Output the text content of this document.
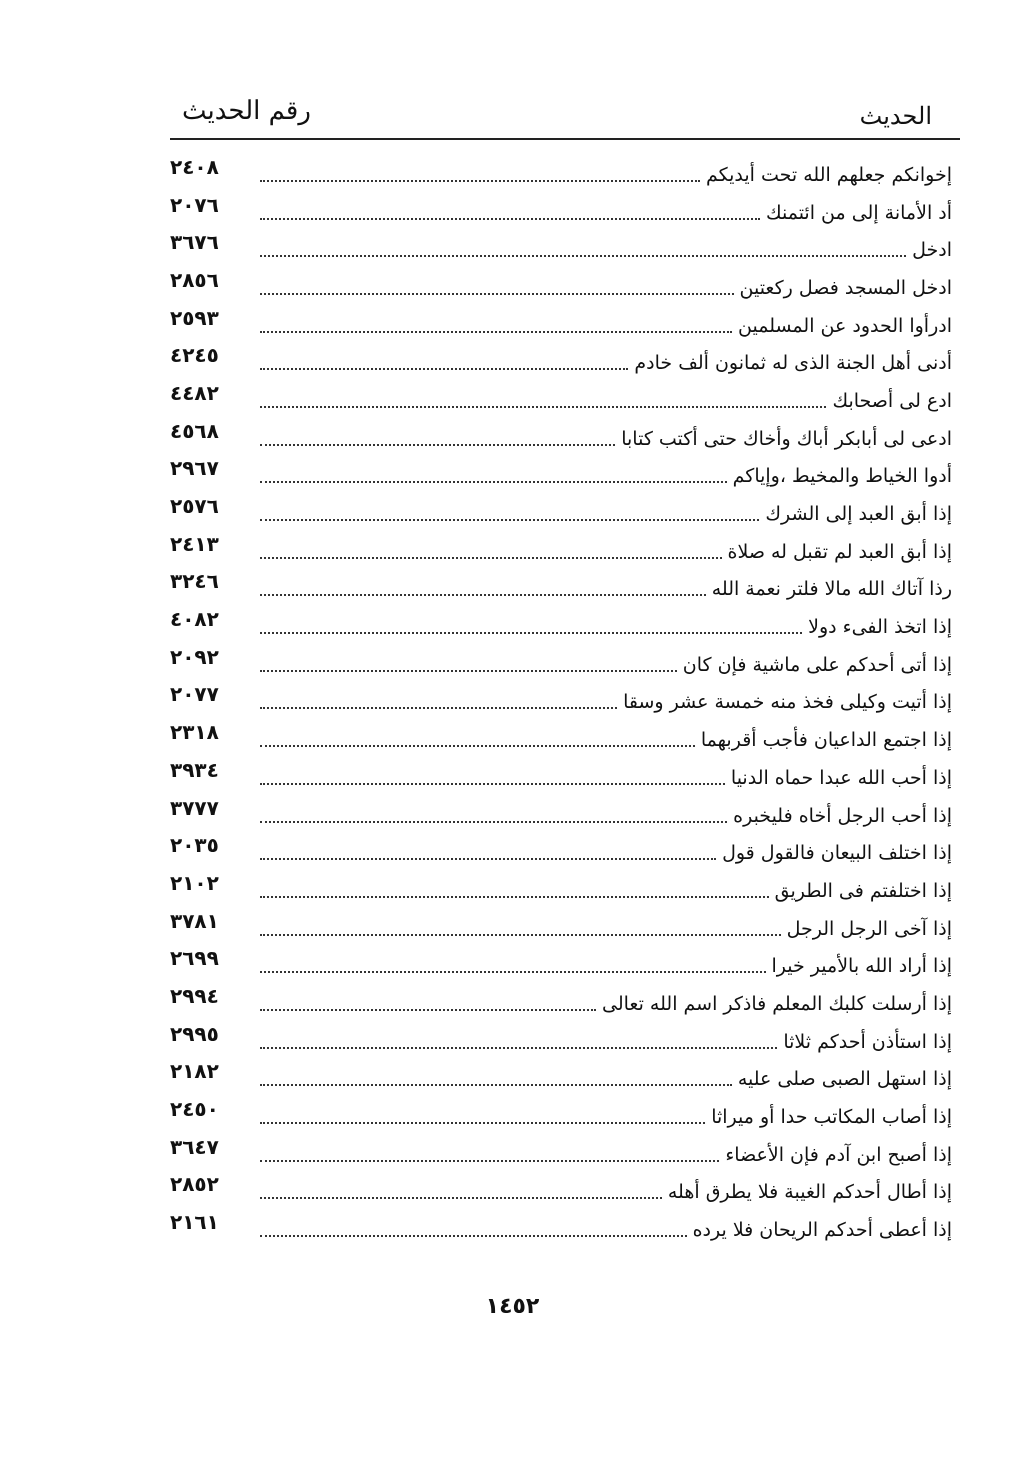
الحديث
رقم الحديث
إخوانكم جعلهم الله تحت أيديكم
٢٤٠٨
أد الأمانة إلى من ائتمنك
٢٠٧٦
ادخل
٣٦٧٦
ادخل المسجد فصل ركعتين
٢٨٥٦
ادرأوا الحدود عن المسلمين
٢٥٩٣
أدنى أهل الجنة الذى له ثمانون ألف خادم
٤٢٤٥
ادع لى أصحابك
٤٤٨٢
ادعى لى أبابكر أباك وأخاك حتى أكتب كتابا
٤٥٦٨
أدوا الخياط والمخيط ،وإياكم
٢٩٦٧
إذا أبق العبد إلى الشرك
٢٥٧٦
إذا أبق العبد لم تقبل له صلاة
٢٤١٣
رذا آتاك الله مالا فلتر نعمة الله
٣٢٤٦
إذا اتخذ الفىء دولا
٤٠٨٢
إذا أتى أحدكم على ماشية فإن كان
٢٠٩٢
إذا أتيت وكيلى فخذ منه خمسة عشر وسقا
٢٠٧٧
إذا اجتمع الداعيان فأجب أقربهما
٢٣١٨
إذا أحب الله عبدا حماه الدنيا
٣٩٣٤
إذا أحب الرجل أخاه فليخبره
٣٧٧٧
إذا اختلف البيعان فالقول قول
٢٠٣٥
إذا اختلفتم فى الطريق
٢١٠٢
إذا آخى الرجل الرجل
٣٧٨١
إذا أراد الله بالأمير خيرا
٢٦٩٩
إذا أرسلت كلبك المعلم فاذكر اسم الله تعالى
٢٩٩٤
إذا استأذن أحدكم ثلاثا
٢٩٩٥
إذا استهل الصبى صلى عليه
٢١٨٢
إذا أصاب المكاتب حدا أو ميراثا
٢٤٥٠
إذا أصبح ابن آدم فإن الأعضاء
٣٦٤٧
إذا أطال أحدكم الغيبة فلا يطرق أهله
٢٨٥٢
إذا أعطى أحدكم الريحان فلا يرده
٢١٦١
١٤٥٢
